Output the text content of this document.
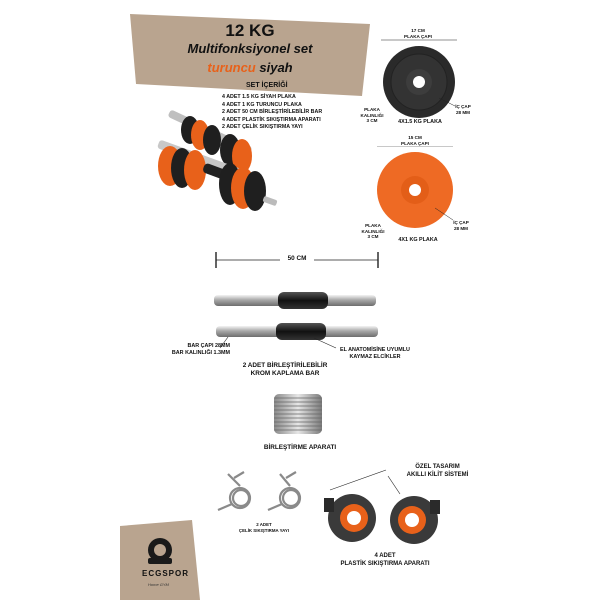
12 KG
Multifonksiyonel set
turuncu siyah
SET İÇERİĞİ
4 ADET 1.5 KG SİYAH PLAKA
4 ADET 1 KG TURUNCU PLAKA
2 ADET 50 CM BİRLEŞTİRİLEBİLİR BAR
4 ADET PLASTİK SIKIŞTIRMA APARATI
2 ADET ÇELİK SIKIŞTIRMA YAYI
17 CM
PLAKA ÇAPI
PLAKA
KALINLIĞI
3 CM
İÇ ÇAP
28 MM
4X1.5 KG PLAKA
15 CM
PLAKA ÇAPI
PLAKA
KALINLIĞI
3 CM
İÇ ÇAP
28 MM
4X1 KG PLAKA
50 CM
BAR ÇAPI 28MM
BAR KALINLIĞI 1.3MM	EL ANATOMİSİNE UYUMLU
KAYMAZ ELCİKLER
2 ADET BİRLEŞTİRİLEBİLİR
KROM KAPLAMA BAR
BİRLEŞTİRME APARATI
2 ADET
ÇELİK SIKIŞTIRMA YAYI
ÖZEL TASARIM
AKILLI KİLİT SİSTEMİ
4 ADET
PLASTİK SIKIŞTIRMA APARATI
ECGSPOR
Home GYM
